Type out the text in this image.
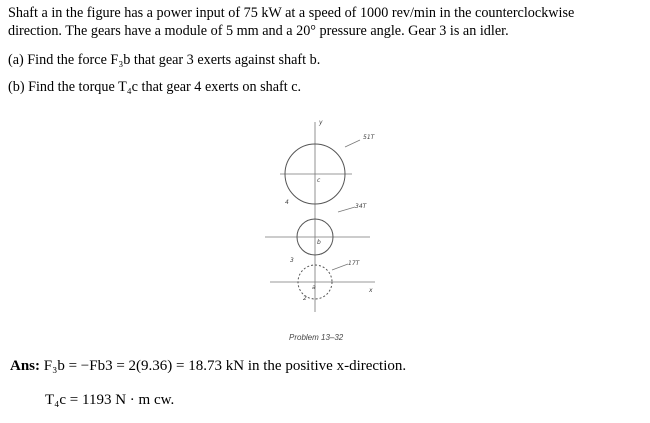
Shaft a in the figure has a power input of 75 kW at a speed of 1000 rev/min in the counterclockwise
direction. The gears have a module of 5 mm and a 20° pressure angle. Gear 3 is an idler.
(a) Find the force F₃b that gear 3 exerts against shaft b.
(b) Find the torque T₄c that gear 4 exerts on shaft c.
y
51T
34T
17T
4
3
2
c
b
a	x
Problem 13–32
Ans: F₃b = −Fb3 = 2(9.36) = 18.73 kN in the positive x-direction.
T₄c = 1193 N · m cw.
